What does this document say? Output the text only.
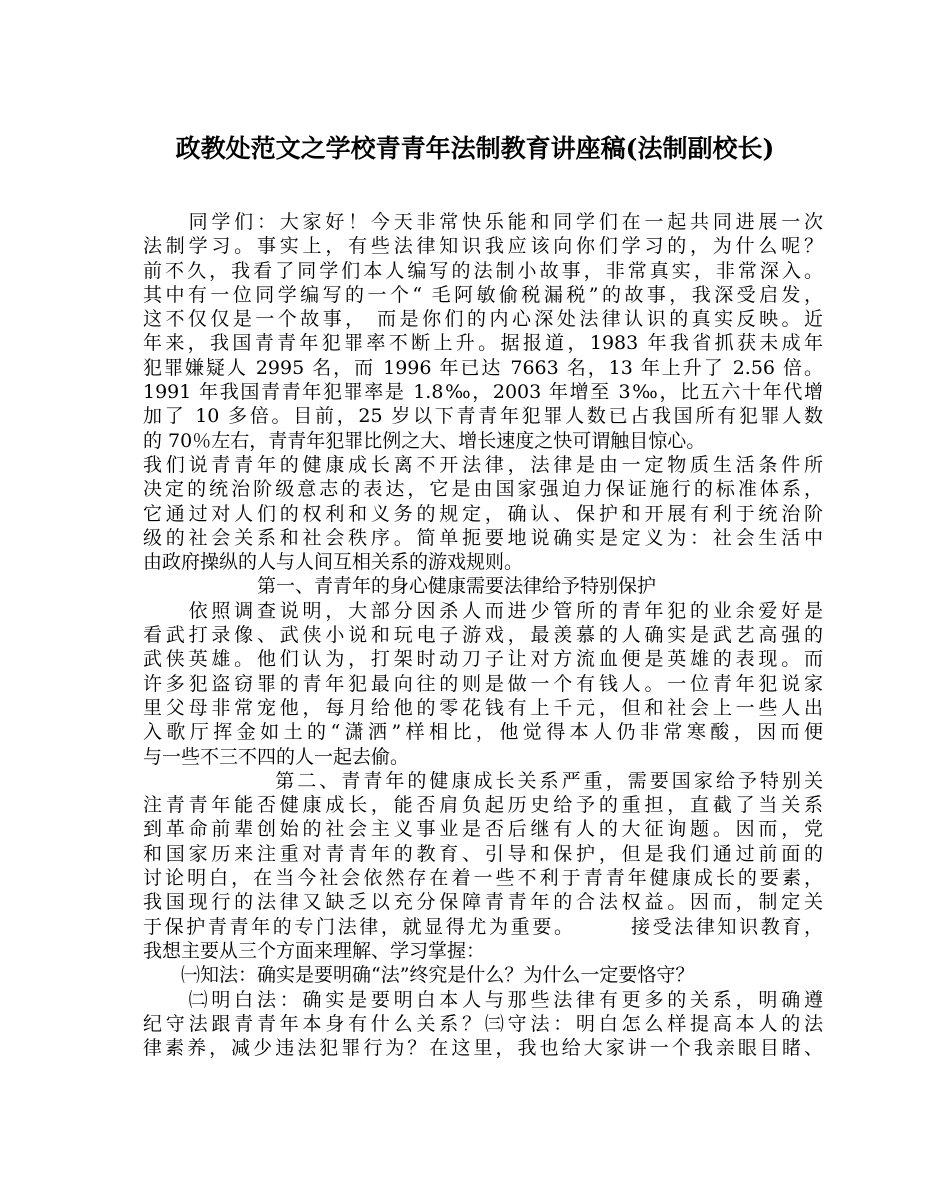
政教处范文之学校青青年法制教育讲座稿(法制副校长)
　　同学们：大家好！今天非常快乐能和同学们在一起共同进展一次
法制学习。事实上，有些法律知识我应该向你们学习的，为什么呢？
前不久，我看了同学们本人编写的法制小故事，非常真实，非常深入。
其中有一位同学编写的一个“ 毛阿敏偷税漏税”的故事，我深受启发，
这不仅仅是一个故事， 而是你们的内心深处法律认识的真实反映。近
年来，我国青青年犯罪率不断上升。据报道，1983 年我省抓获未成年
犯罪嫌疑人 2995 名，而 1996 年已达 7663 名，13 年上升了 2.56 倍。
1991 年我国青青年犯罪率是 1.8‰，2003 年增至 3‰，比五六十年代增
加了 10 多倍。目前，25 岁以下青青年犯罪人数已占我国所有犯罪人数
的 70％左右，青青年犯罪比例之大、增长速度之快可谓触目惊心。
我们说青青年的健康成长离不开法律，法律是由一定物质生活条件所
决定的统治阶级意志的表达，它是由国家强迫力保证施行的标准体系，
它通过对人们的权利和义务的规定，确认、保护和开展有利于统治阶
级的社会关系和社会秩序。简单扼要地说确实是定义为：社会生活中
由政府操纵的人与人间互相关系的游戏规则。
　　　　　　第一、青青年的身心健康需要法律给予特别保护
　　依照调查说明，大部分因杀人而进少管所的青年犯的业余爱好是
看武打录像、武侠小说和玩电子游戏，最羡慕的人确实是武艺高强的
武侠英雄。他们认为，打架时动刀子让对方流血便是英雄的表现。而
许多犯盗窃罪的青年犯最向往的则是做一个有钱人。一位青年犯说家
里父母非常宠他，每月给他的零花钱有上千元，但和社会上一些人出
入歌厅挥金如土的“潇洒”样相比，他觉得本人仍非常寒酸，因而便
与一些不三不四的人一起去偷。
　　　　　　第二、青青年的健康成长关系严重，需要国家给予特别关
注青青年能否健康成长，能否肩负起历史给予的重担，直截了当关系
到革命前辈创始的社会主义事业是否后继有人的大征询题。因而，党
和国家历来注重对青青年的教育、引导和保护，但是我们通过前面的
讨论明白，在当今社会依然存在着一些不利于青青年健康成长的要素，
我国现行的法律又缺乏以充分保障青青年的合法权益。因而，制定关
于保护青青年的专门法律，就显得尤为重要。　　　接受法律知识教育，
我想主要从三个方面来理解、学习掌握：
　　㈠知法：确实是要明确“法”终究是什么？为什么一定要恪守？
　　㈡明白法：确实是要明白本人与那些法律有更多的关系，明确遵
纪守法跟青青年本身有什么关系？㈢守法：明白怎么样提高本人的法
律素养，减少违法犯罪行为？在这里，我也给大家讲一个我亲眼目睹、
